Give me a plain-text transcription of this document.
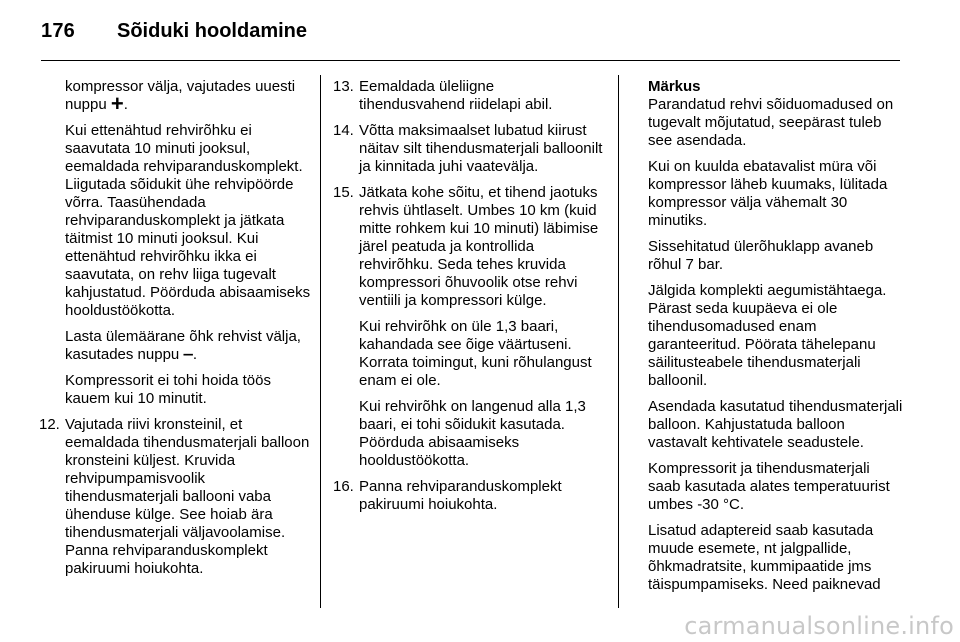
176 Sõiduki hooldamine

kompressor välja, vajutades uuesti nuppu +.

Kui ettenähtud rehvirõhku ei saavutata 10 minuti jooksul, eemaldada rehviparanduskomplekt. Liigutada sõidukit ühe rehvipöörde võrra. Taasühendada rehviparanduskomplekt ja jätkata täitmist 10 minuti jooksul. Kui ettenähtud rehvirõhku ikka ei saavutata, on rehv liiga tugevalt kahjustatud. Pöörduda abisaamiseks hooldustöökotta.

Lasta ülemäärane õhk rehvist välja, kasutades nuppu ‒.

Kompressorit ei tohi hoida töös kauem kui 10 minutit.

12. Vajutada riivi kronsteinil, et eemaldada tihendusmaterjali balloon kronsteini küljest. Kruvida rehvipumpamisvoolik tihendusmaterjali ballooni vaba ühenduse külge. See hoiab ära tihendusmaterjali väljavoolamise. Panna rehviparanduskomplekt pakiruumi hoiukohta.

13. Eemaldada üleliigne tihendusvahend riidelapi abil.

14. Võtta maksimaalset lubatud kiirust näitav silt tihendusmaterjali balloonilt ja kinnitada juhi vaatevälja.

15. Jätkata kohe sõitu, et tihend jaotuks rehvis ühtlaselt. Umbes 10 km (kuid mitte rohkem kui 10 minuti) läbimise järel peatuda ja kontrollida rehvirõhku. Seda tehes kruvida kompressori õhuvoolik otse rehvi ventiili ja kompressori külge.

Kui rehvirõhk on üle 1,3 baari, kahandada see õige väärtuseni. Korrata toimingut, kuni rõhulangust enam ei ole.

Kui rehvirõhk on langenud alla 1,3 baari, ei tohi sõidukit kasutada. Pöörduda abisaamiseks hooldustöökotta.

16. Panna rehviparanduskomplekt pakiruumi hoiukohta.

Märkus

Parandatud rehvi sõiduomadused on tugevalt mõjutatud, seepärast tuleb see asendada.

Kui on kuulda ebatavalist müra või kompressor läheb kuumaks, lülitada kompressor välja vähemalt 30 minutiks.

Sissehitatud ülerõhuklapp avaneb rõhul 7 bar.

Jälgida komplekti aegumistähtaega. Pärast seda kuupäeva ei ole tihendusomadused enam garanteeritud. Pöörata tähelepanu säilitusteabele tihendusmaterjali balloonil.

Asendada kasutatud tihendusmaterjali balloon. Kahjustatuda balloon vastavalt kehtivatele seadustele.

Kompressorit ja tihendusmaterjali saab kasutada alates temperatuurist umbes -30 °C.

Lisatud adaptereid saab kasutada muude esemete, nt jalgpallide, õhkmadratsite, kummipaatide jms täispumpamiseks. Need paiknevad

carmanualsonline.info
